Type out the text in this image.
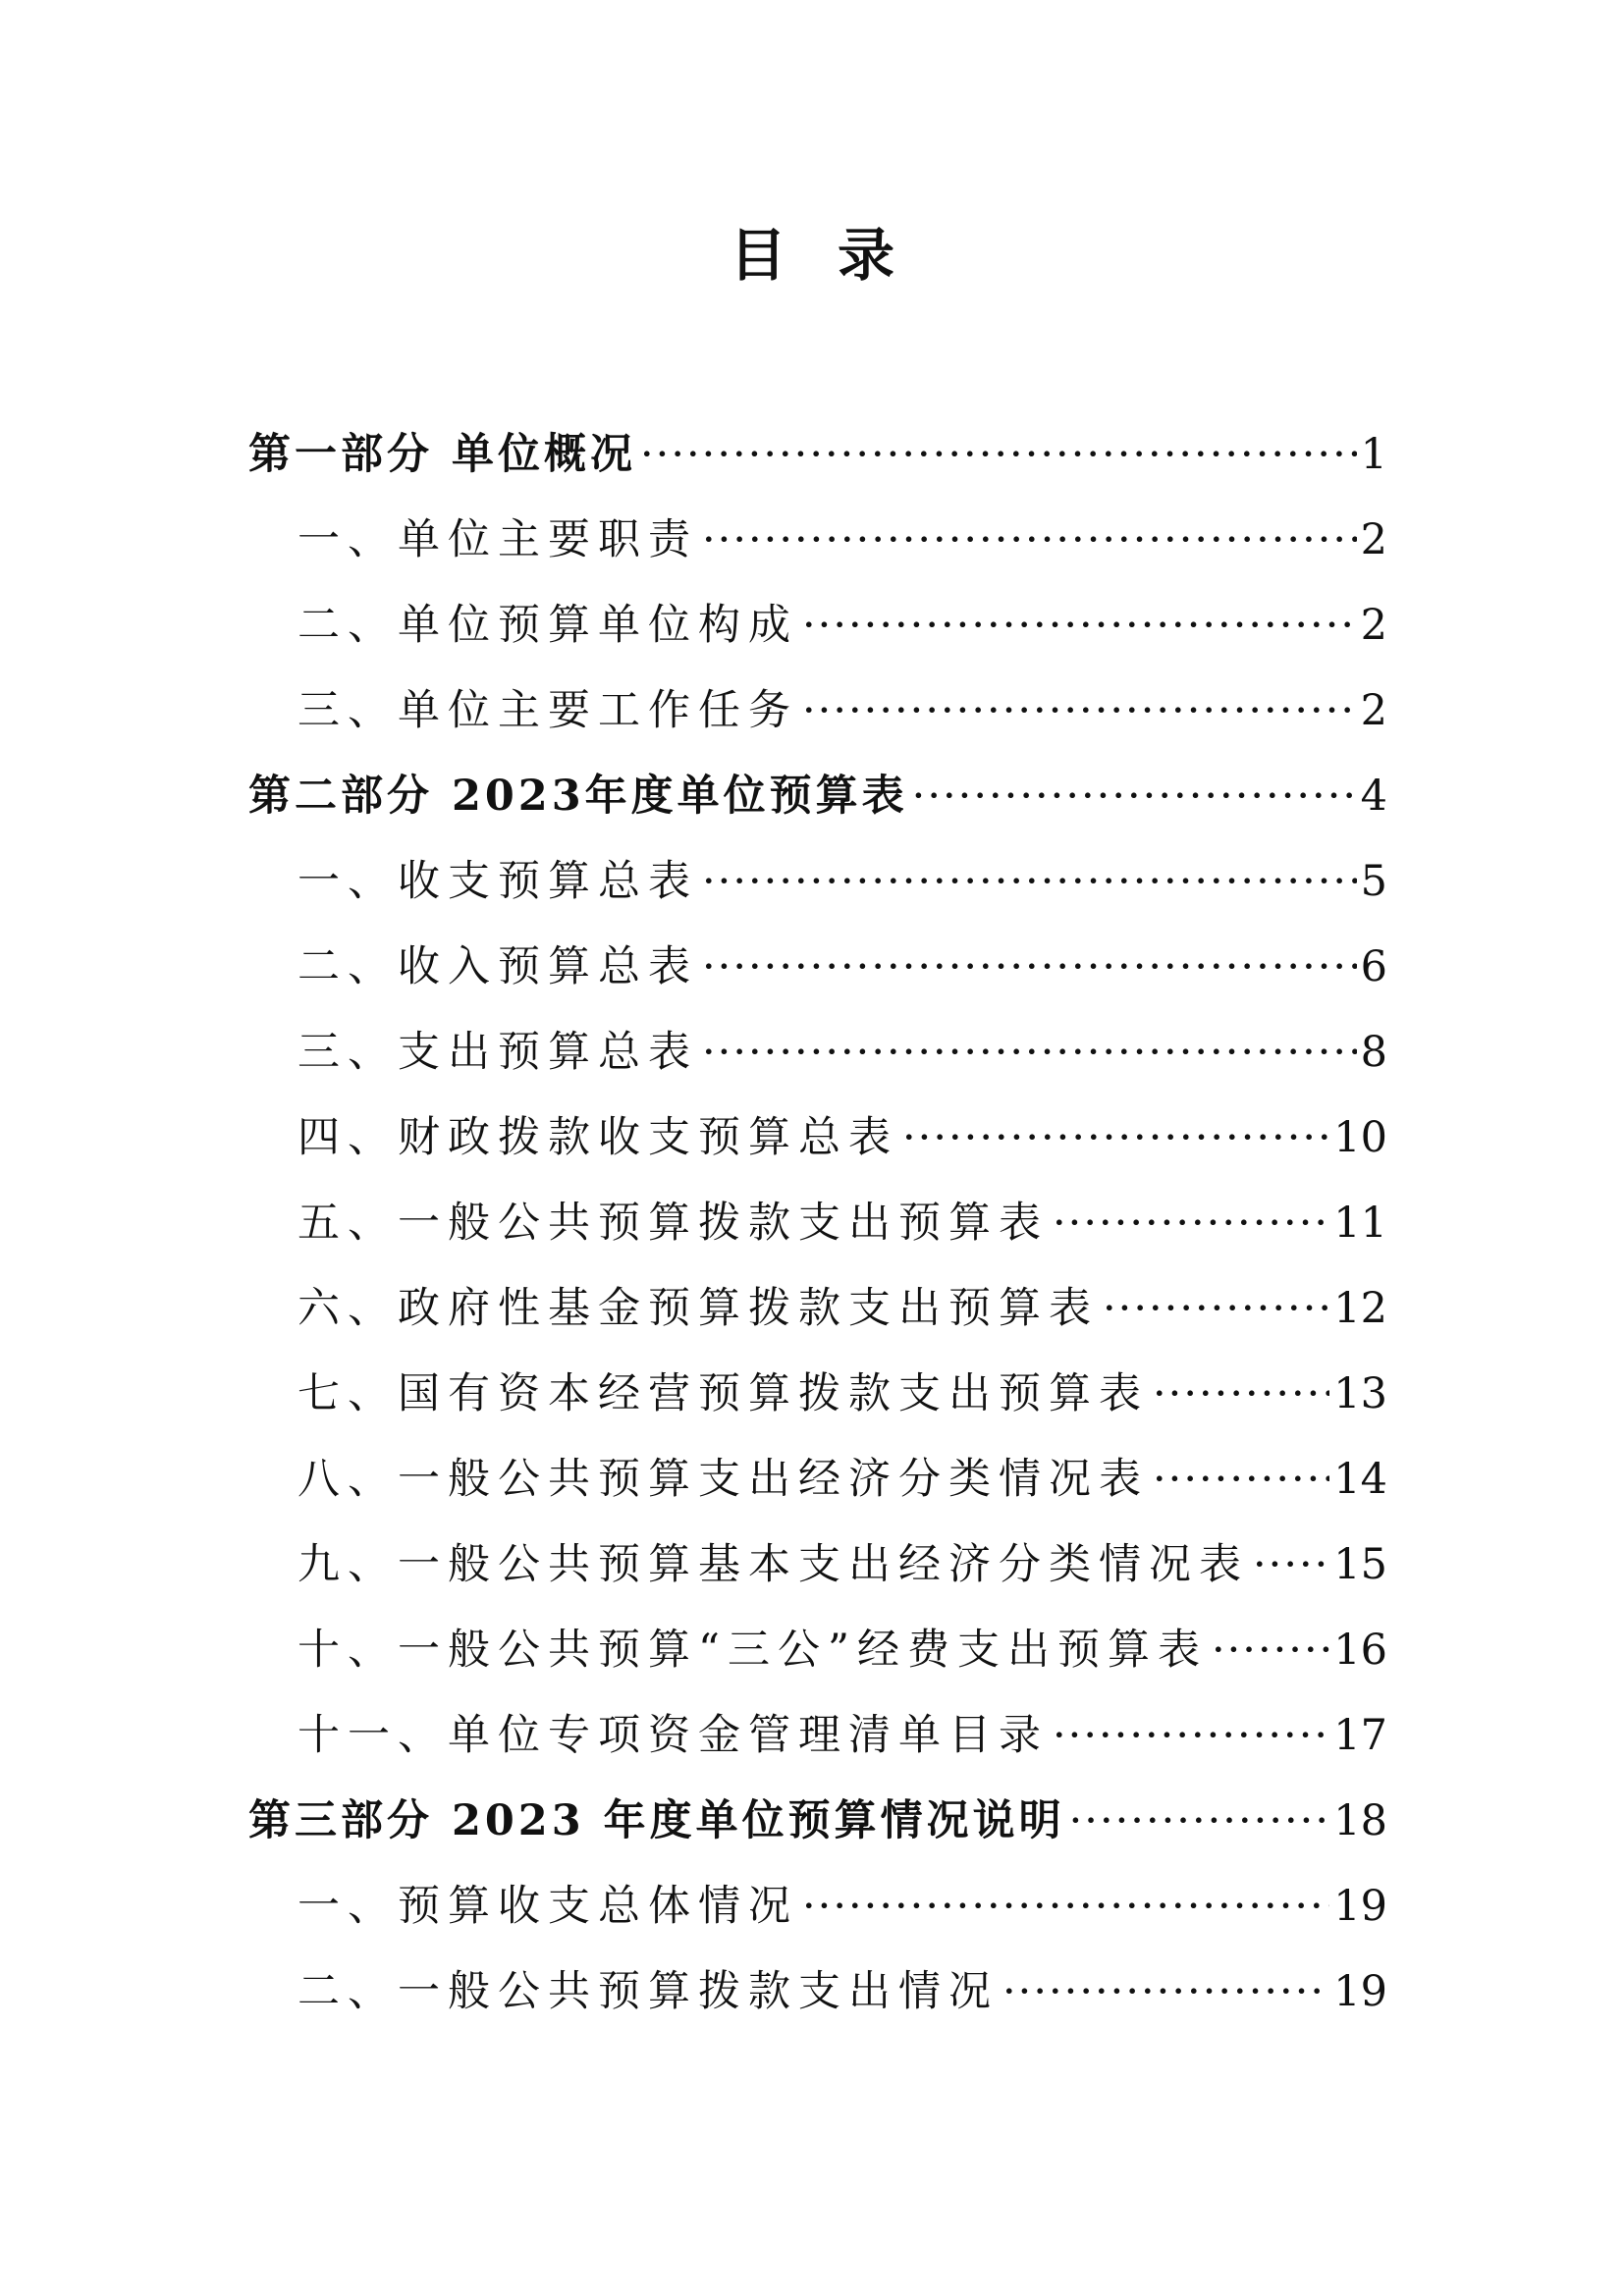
目录
第一部分 单位概况 ·····	1
一、单位主要职责 ·····	2
二、单位预算单位构成 ·····	2
三、单位主要工作任务 ·····	2
第二部分 2023年度单位预算表 ·····	4
一、收支预算总表 ·····	5
二、收入预算总表 ·····	6
三、支出预算总表 ·····	8
四、财政拨款收支预算总表 ·····	10
五、一般公共预算拨款支出预算表 ·····	11
六、政府性基金预算拨款支出预算表 ·····	12
七、国有资本经营预算拨款支出预算表 ·····	13
八、一般公共预算支出经济分类情况表 ·····	14
九、一般公共预算基本支出经济分类情况表 ····· 15
十、一般公共预算“三公”经费支出预算表 ·····	16
十一、单位专项资金管理清单目录 ·····	17
第三部分 2023 年度单位预算情况说明 ·····	18
一、预算收支总体情况 ·····	19
二、一般公共预算拨款支出情况 ·····	19
